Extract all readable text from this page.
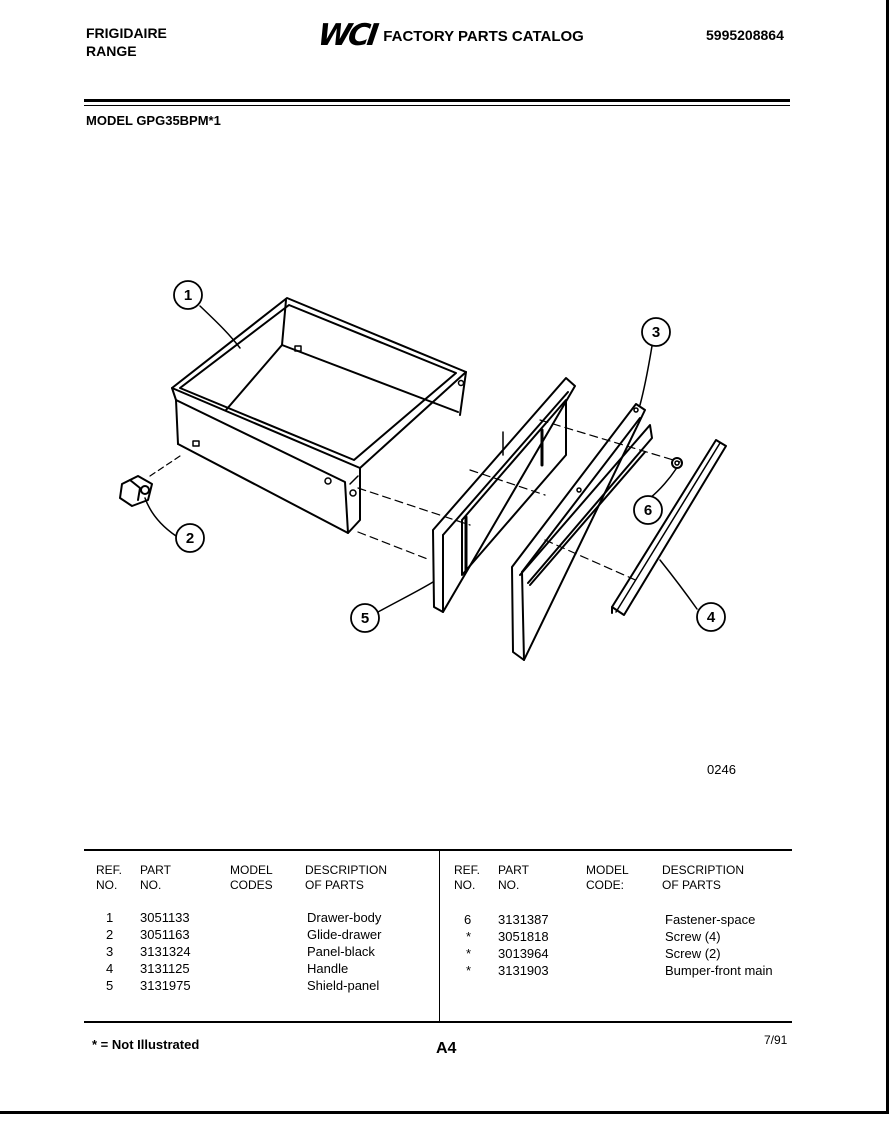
FRIGIDAIRE
RANGE	WCI FACTORY PARTS CATALOG	5995208864
MODEL GPG35BPM*1
1
2
3
4
5
6
0246
REF.
NO.
PART
NO.
MODEL
CODES
DESCRIPTION
OF PARTS
REF.
NO.
PART
NO.
MODEL
CODE:
DESCRIPTION
OF PARTS
1 3051133	Drawer-body
2 3051163	Glide-drawer
3 3131324	Panel-black
4 3131125	Handle
5 3131975	Shield-panel
6 3131387	Fastener-space
* 3051818	Screw (4)
* 3013964	Screw (2)
* 3131903	Bumper-front main
* = Not Illustrated	A4	7/91
